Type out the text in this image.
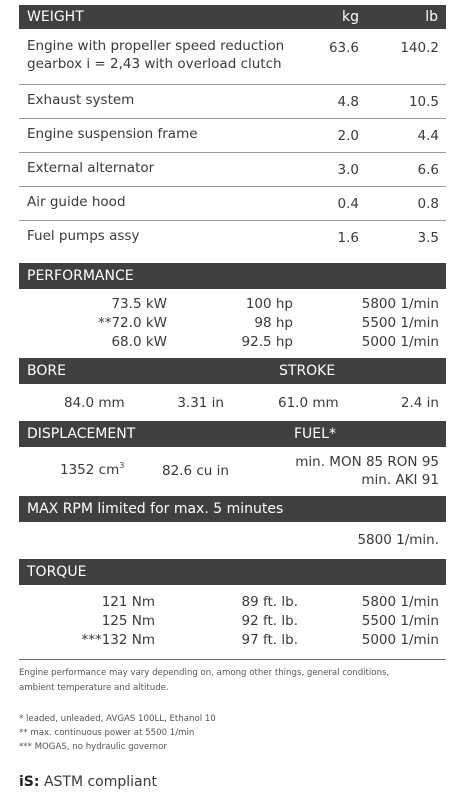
WEIGHT	kg	lb
Engine with propeller speed reduction
gearbox i = 2,43 with overload clutch
63.6	140.2
Exhaust system	4.8	10.5
Engine suspension frame	2.0	4.4
External alternator	3.0	6.6
Air guide hood	0.4	0.8
Fuel pumps assy	1.6	3.5
PERFORMANCE
73.5 kW	100 hp	5800 1/min
**72.0 kW	98 hp	5500 1/min
68.0 kW	92.5 hp	5000 1/min
BORE	STROKE
84.0 mm	3.31 in	61.0 mm	2.4 in
DISPLACEMENT	FUEL*
1352 $cm^3$	82.6 cu in
min. MON 85 RON 95
min. AKI 91
MAX RPM limited for max. 5 minutes
5800 1/min.
TORQUE
121 Nm	89 ft. lb.	5800 1/min
125 Nm	92 ft. lb.	5500 1/min
***132 Nm	97 ft. lb.	5000 1/min
Engine performance may vary depending on, among other things, general conditions,
ambient temperature and altitude.
* leaded, unleaded, AVGAS 100LL, Ethanol 10
** max. continuous power at 5500 1/min
*** MOGAS, no hydraulic governor
iS: ASTM compliant
